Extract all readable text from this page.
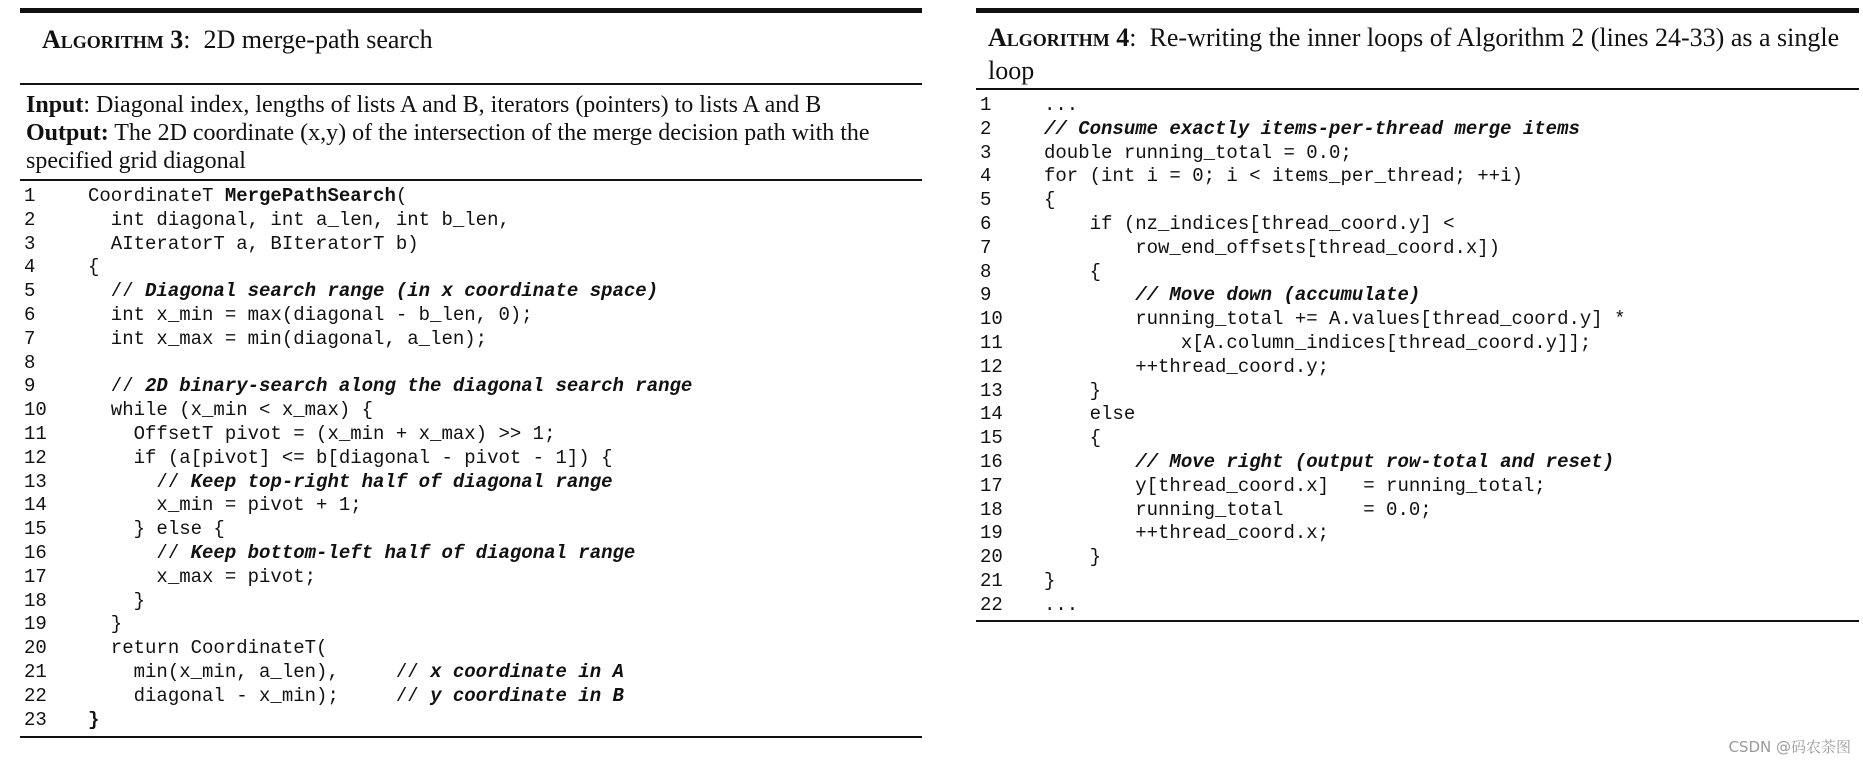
Algorithm 3:  2D merge-path search
Input: Diagonal index, lengths of lists A and B, iterators (pointers) to lists A and B
Output: The 2D coordinate (x,y) of the intersection of the merge decision path with the specified grid diagonal
1	CoordinateT MergePathSearch(
2	int diagonal, int a_len, int b_len,
3	AIteratorT a, BIteratorT b)
4	{
5	// Diagonal search range (in x coordinate space)
6	int x_min = max(diagonal - b_len, 0);
7	int x_max = min(diagonal, a_len);
8
9	// 2D binary-search along the diagonal search range
10	while (x_min < x_max) {
11	OffsetT pivot = (x_min + x_max) >> 1;
12	if (a[pivot] <= b[diagonal - pivot - 1]) {
13	// Keep top-right half of diagonal range
14	x_min = pivot + 1;
15	} else {
16	// Keep bottom-left half of diagonal range
17	x_max = pivot;
18	}
19	}
20	return CoordinateT(
21	min(x_min, a_len),     // x coordinate in A
22	diagonal - x_min);     // y coordinate in B
23	}
Algorithm 4:  Re-writing the inner loops of Algorithm 2 (lines 24-33) as a single loop
1	...
2	// Consume exactly items-per-thread merge items
3	double running_total = 0.0;
4	for (int i = 0; i < items_per_thread; ++i)
5	{
6	if (nz_indices[thread_coord.y] <
7	row_end_offsets[thread_coord.x])
8	{
9	// Move down (accumulate)
10	running_total += A.values[thread_coord.y] *
11	x[A.column_indices[thread_coord.y]];
12	++thread_coord.y;
13	}
14	else
15	{
16	// Move right (output row-total and reset)
17	y[thread_coord.x]   = running_total;
18	running_total       = 0.0;
19	++thread_coord.x;
20	}
21	}
22	...
CSDN @码农荼图
